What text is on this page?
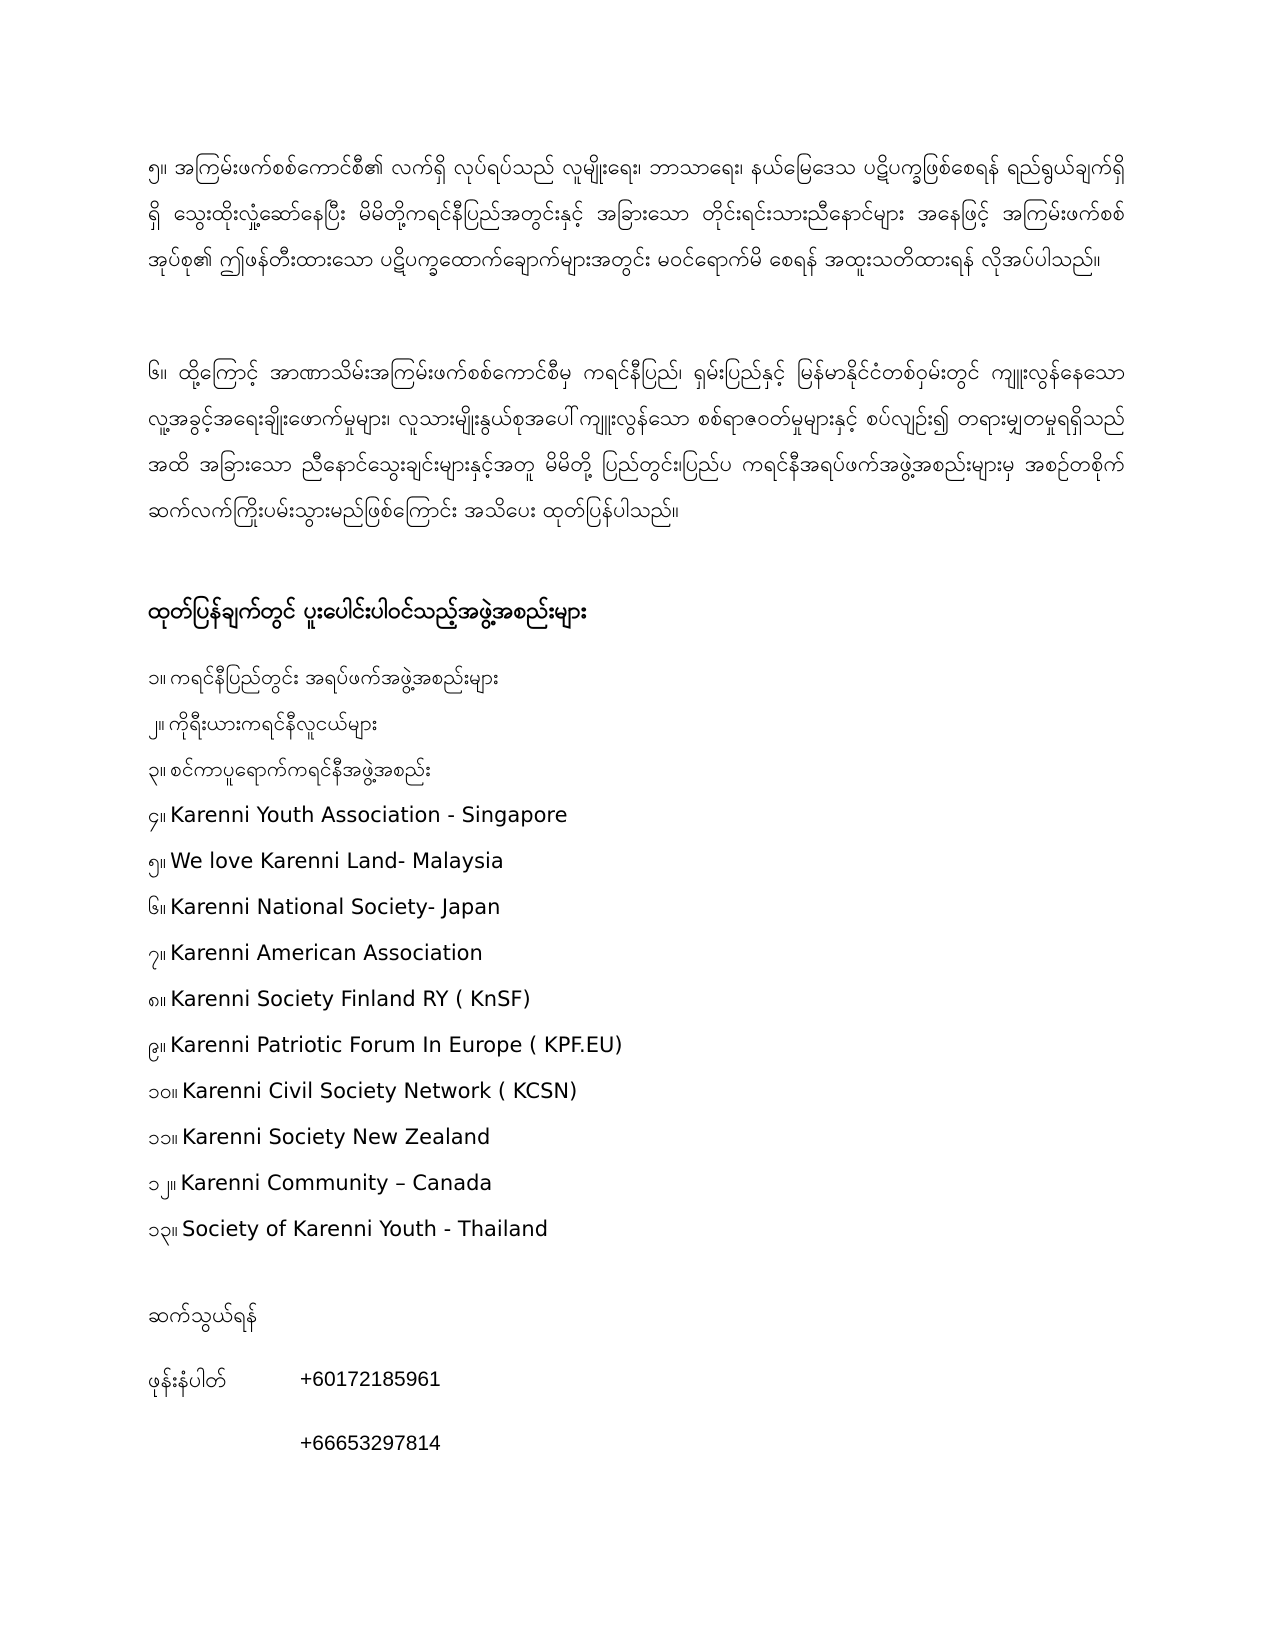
၅။ အကြမ်းဖက်စစ်ကောင်စီ၏ လက်ရှိ လုပ်ရပ်သည် လူမျိုးရေး၊ ဘာသာရေး၊ နယ်မြေဒေသ ပဋိပက္ခဖြစ်စေရန် ရည်ရွယ်ချက်ရှိရှိ သွေးထိုးလှုံ့ဆော်နေပြီး မိမိတို့ကရင်နီပြည်အတွင်းနှင့် အခြားသော တိုင်းရင်းသားညီနောင်များ အနေဖြင့် အကြမ်းဖက်စစ်အုပ်စု၏ ဤဖန်တီးထားသော ပဋိပက္ခထောက်ချောက်များအတွင်း မဝင်ရောက်မိ စေရန် အထူးသတိထားရန် လိုအပ်ပါသည်။

၆။ ထို့ကြောင့် အာဏာသိမ်းအကြမ်းဖက်စစ်ကောင်စီမှ ကရင်နီပြည်၊ ရှမ်းပြည်နှင့် မြန်မာနိုင်ငံတစ်ဝှမ်းတွင် ကျူးလွန်နေသော လူ့အခွင့်အရေးချိုးဖောက်မှုများ၊ လူသားမျိုးနွယ်စုအပေါ်ကျူးလွန်သော စစ်ရာဇဝတ်မှုများနှင့် စပ်လျဉ်း၍ တရားမျှတမှုရရှိသည်အထိ အခြားသော ညီနောင်သွေးချင်းများနှင့်အတူ မိမိတို့ ပြည်တွင်း၊ပြည်ပ ကရင်နီအရပ်ဖက်အဖွဲ့အစည်းများမှ အစဉ်တစိုက် ဆက်လက်ကြိုးပမ်းသွားမည်ဖြစ်ကြောင်း အသိပေး ထုတ်ပြန်ပါသည်။

ထုတ်ပြန်ချက်တွင် ပူးပေါင်းပါဝင်သည့်အဖွဲ့အစည်းများ
၁။ ကရင်နီပြည်တွင်း အရပ်ဖက်အဖွဲ့အစည်းများ
၂။ ကိုရီးယားကရင်နီလူငယ်များ
၃။ စင်ကာပူရောက်ကရင်နီအဖွဲ့အစည်း
၄။ Karenni Youth Association - Singapore
၅။ We love Karenni Land- Malaysia
၆။ Karenni National Society- Japan
၇။ Karenni American Association
၈။ Karenni Society Finland RY ( KnSF)
၉။ Karenni Patriotic Forum In Europe ( KPF.EU)
၁၀။ Karenni Civil Society Network ( KCSN)
၁၁။ Karenni Society New Zealand
၁၂။ Karenni Community – Canada
၁၃။ Society of Karenni Youth - Thailand

ဆက်သွယ်ရန်

ဖုန်းနံပါတ်	+60172185961

+66653297814
